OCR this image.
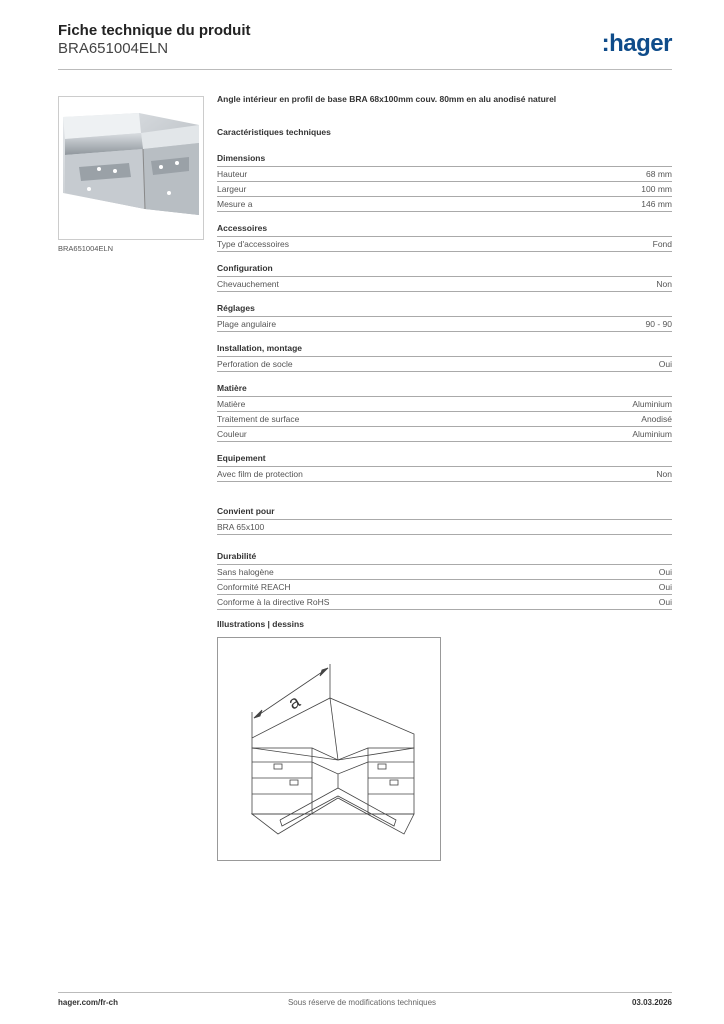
Fiche technique du produit
BRA651004ELN	:hager
BRA651004ELN
Angle intérieur en profil de base BRA 68x100mm couv. 80mm en alu anodisé naturel
Caractéristiques techniques
Dimensions
Hauteur	68 mm
Largeur	100 mm
Mesure a	146 mm
Accessoires
Type d'accessoires	Fond
Configuration
Chevauchement	Non
Réglages
Plage angulaire	90 - 90
Installation, montage
Perforation de socle	Oui
Matière
Matière	Aluminium
Traitement de surface	Anodisé
Couleur	Aluminium
Equipement
Avec film de protection	Non
Convient pour
BRA 65x100
Durabilité
Sans halogène	Oui
Conformité REACH	Oui
Conforme à la directive RoHS	Oui
Illustrations | dessins
a
hager.com/fr-ch	Sous réserve de modifications techniques	03.03.2026
